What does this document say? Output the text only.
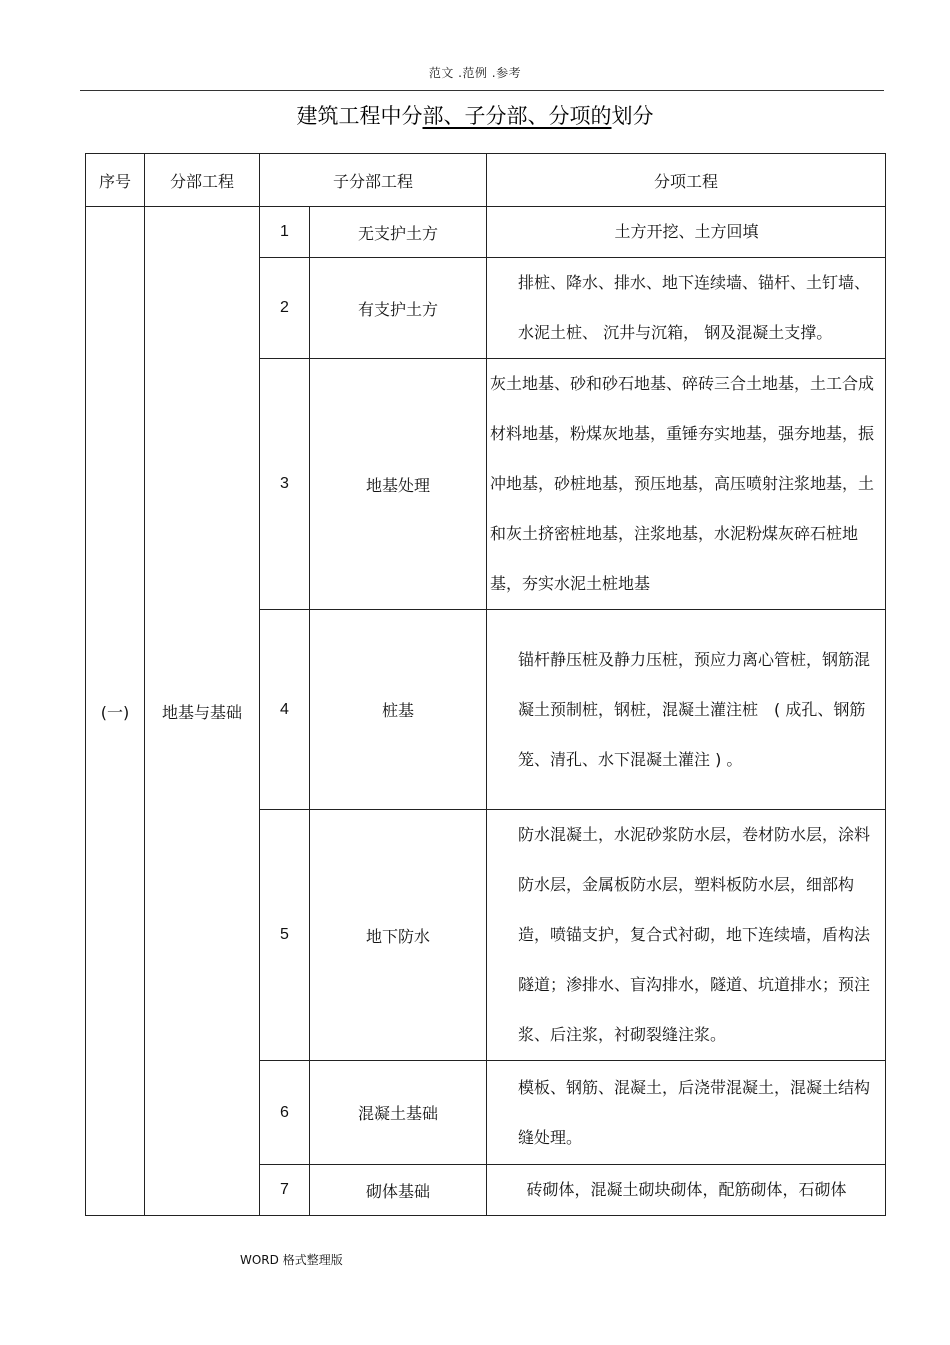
范文 .范例 .参考
建筑工程中分部、子分部、分项的划分
序号	分部工程	子分部工程		分项工程
(一)	地基与基础	1	无支护土方	土方开挖、土方回填

		2	有支护土方	排桩、降水、排水、地下连续墙、锚杆、土钉墙、水泥土桩、 沉井与沉箱， 钢及混凝土支撑。

		3	地基处理	灰土地基、砂和砂石地基、碎砖三合土地基，土工合成材料地基，粉煤灰地基，重锤夯实地基，强夯地基，振冲地基，砂桩地基，预压地基，高压喷射注浆地基，土和灰土挤密桩地基，注浆地基，水泥粉煤灰碎石桩地基，夯实水泥土桩地基

		4	桩基	锚杆静压桩及静力压桩，预应力离心管桩，钢筋混凝土预制桩，钢桩，混凝土灌注桩　( 成孔、钢筋笼、清孔、水下混凝土灌注 ) 。

		5	地下防水	防水混凝土，水泥砂浆防水层，卷材防水层，涂料防水层，金属板防水层，塑料板防水层，细部构造，喷锚支护，复合式衬砌，地下连续墙，盾构法隧道；渗排水、盲沟排水，隧道、坑道排水；预注浆、后注浆，衬砌裂缝注浆。

		6	混凝土基础	模板、钢筋、混凝土，后浇带混凝土，混凝土结构缝处理。

		7	砌体基础	砖砌体，混凝土砌块砌体，配筋砌体，石砌体
WORD 格式整理版
